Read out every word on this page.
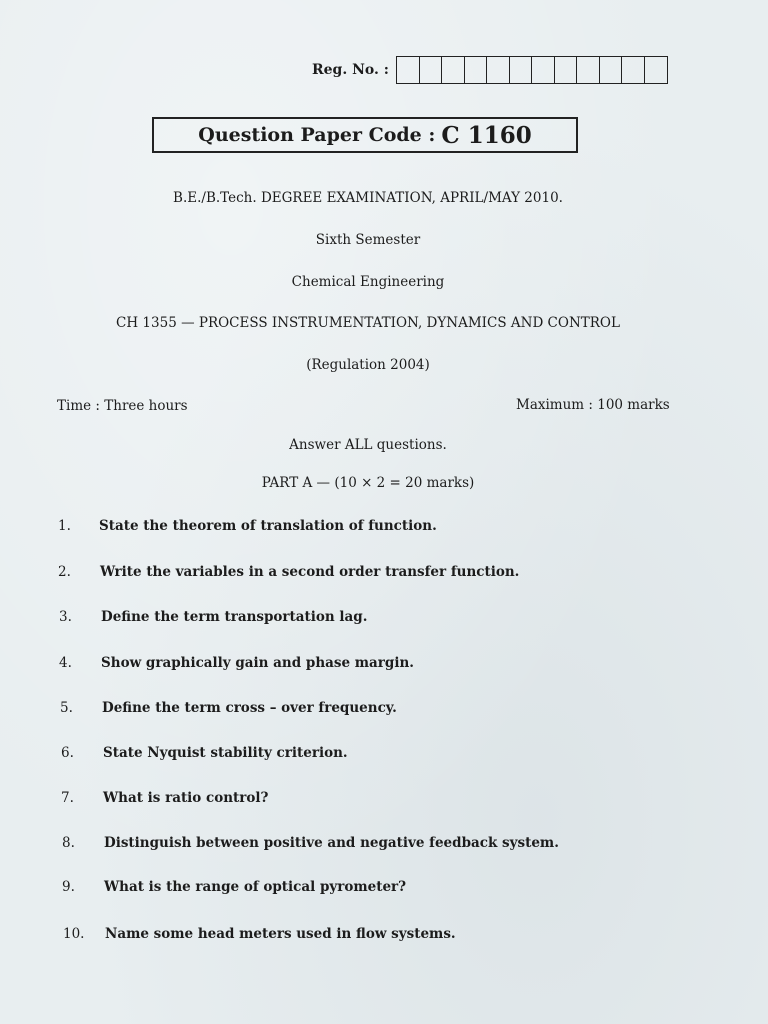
Reg. No. :
Question Paper Code : C 1160
B.E./B.Tech. DEGREE EXAMINATION, APRIL/MAY 2010.
Sixth Semester
Chemical Engineering
CH 1355 — PROCESS INSTRUMENTATION, DYNAMICS AND CONTROL
(Regulation 2004)
Time : Three hours	Maximum : 100 marks
Answer ALL questions.
PART A — (10 × 2 = 20 marks)
1. State the theorem of translation of function.
2. Write the variables in a second order transfer function.
3. Define the term transportation lag.
4. Show graphically gain and phase margin.
5. Define the term cross – over frequency.
6. State Nyquist stability criterion.
7. What is ratio control?
8. Distinguish between positive and negative feedback system.
9. What is the range of optical pyrometer?
10. Name some head meters used in flow systems.
